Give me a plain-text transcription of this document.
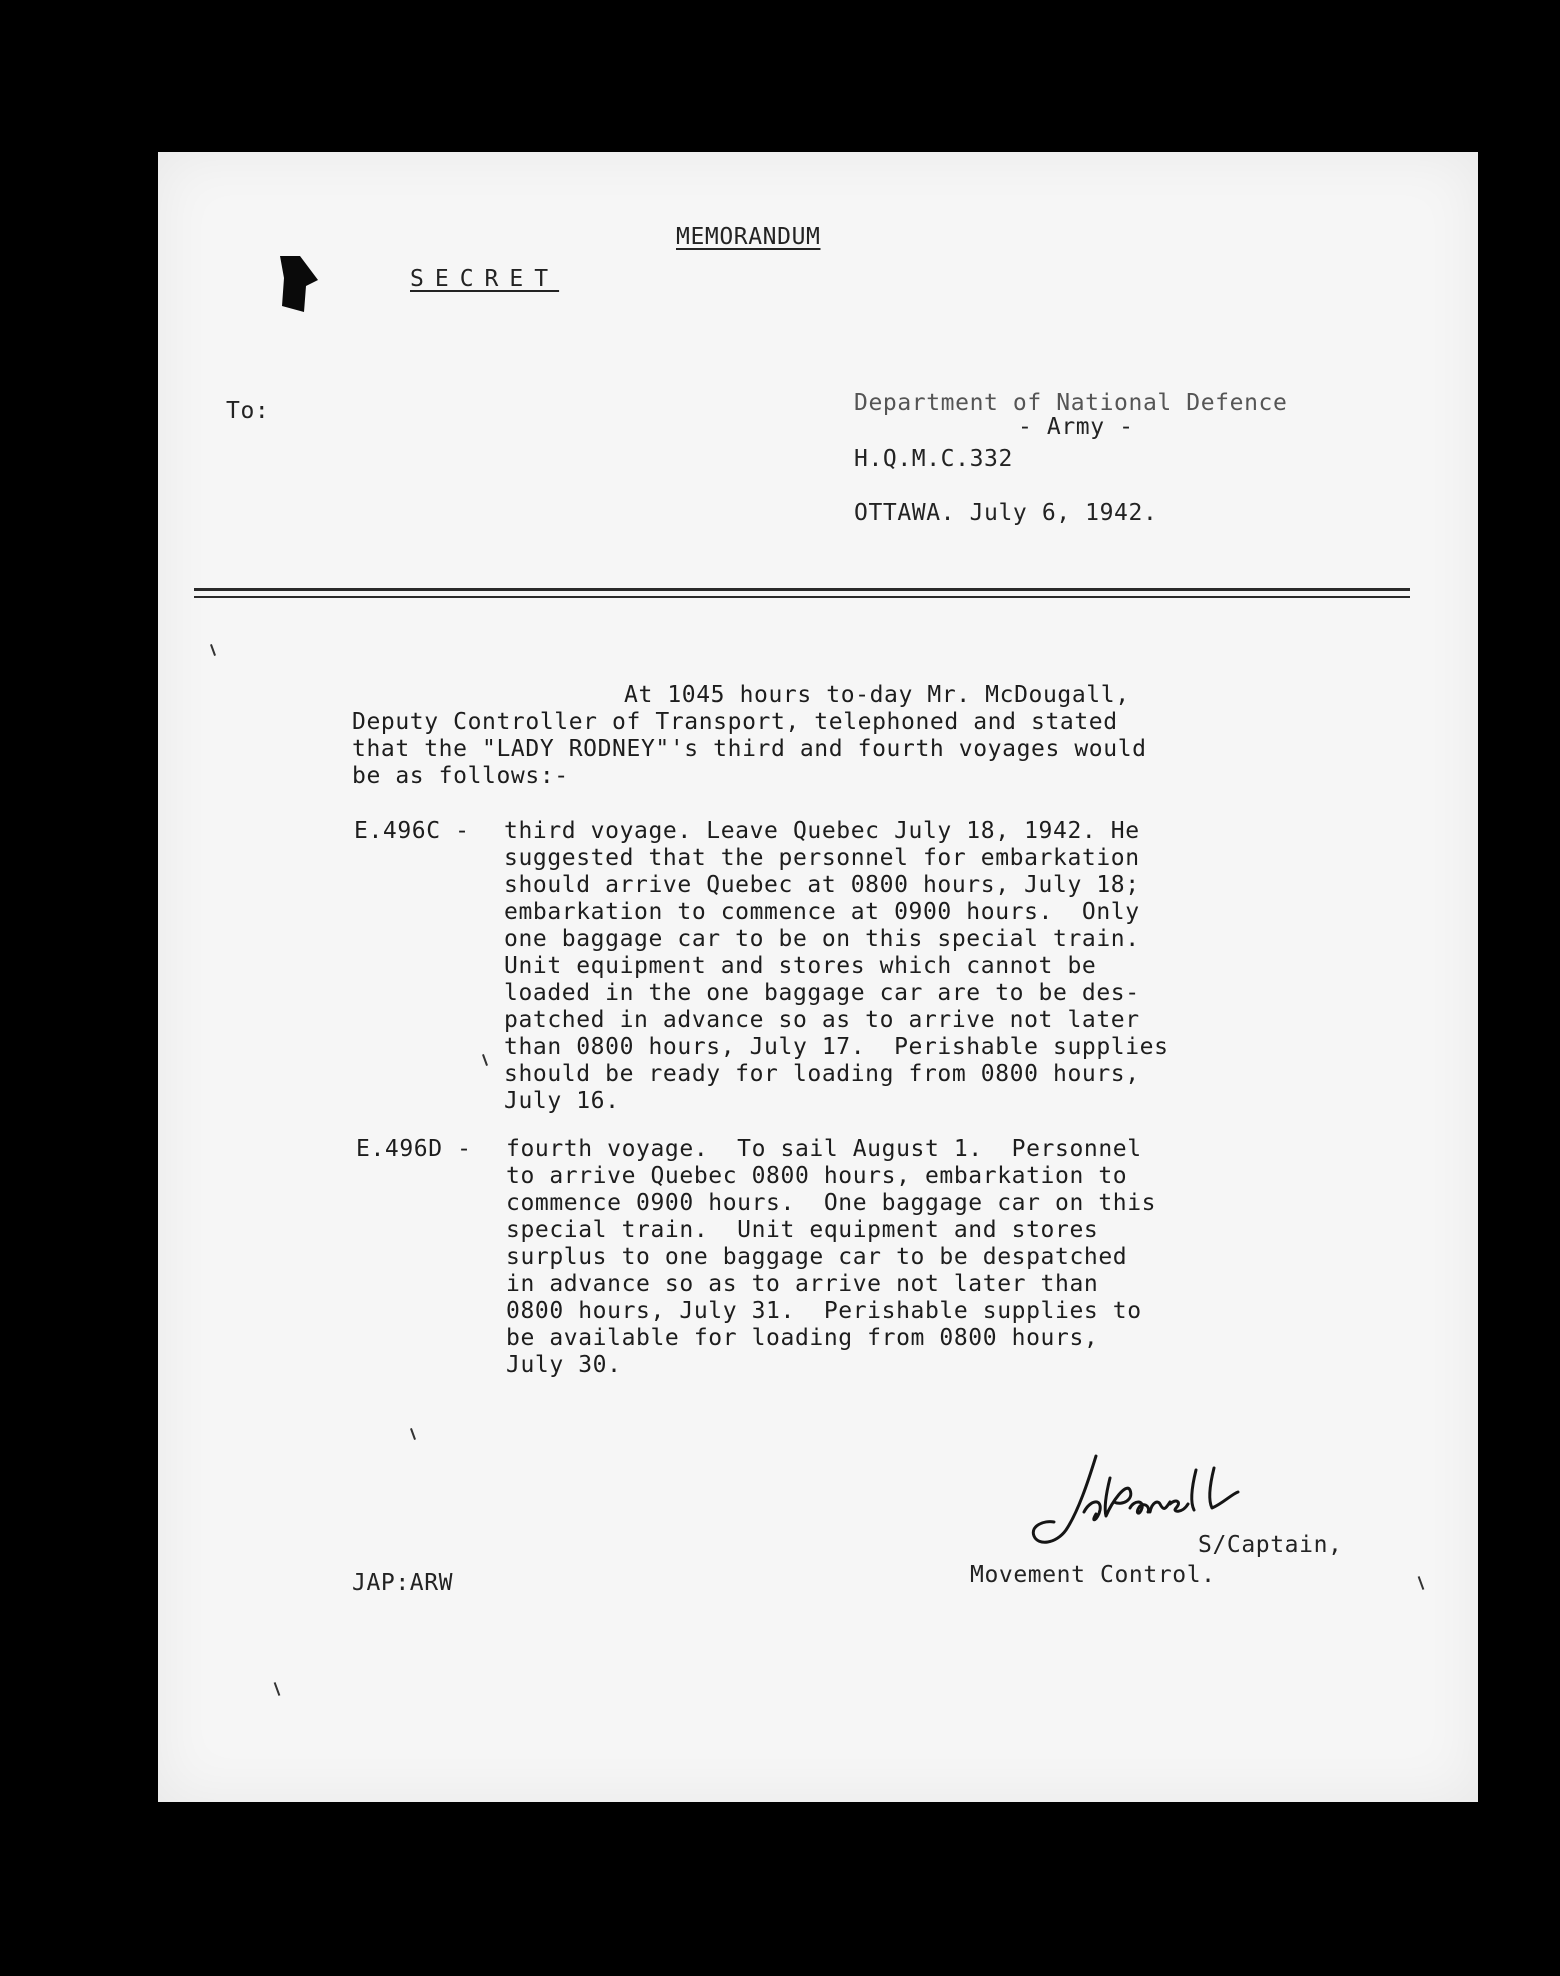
MEMORANDUM
SECRET
To:	Department of National Defence
- Army -
H.Q.M.C.332
OTTAWA. July 6, 1942.
At 1045 hours to-day Mr. McDougall,
Deputy Controller of Transport, telephoned and stated
that the "LADY RODNEY"'s third and fourth voyages would
be as follows:-
E.496C - third voyage. Leave Quebec July 18, 1942. He
suggested that the personnel for embarkation
should arrive Quebec at 0800 hours, July 18;
embarkation to commence at 0900 hours.  Only
one baggage car to be on this special train.
Unit equipment and stores which cannot be
loaded in the one baggage car are to be des-
patched in advance so as to arrive not later
than 0800 hours, July 17.  Perishable supplies
should be ready for loading from 0800 hours,
July 16.
E.496D - fourth voyage.  To sail August 1.  Personnel
to arrive Quebec 0800 hours, embarkation to
commence 0900 hours.  One baggage car on this
special train.  Unit equipment and stores
surplus to one baggage car to be despatched
in advance so as to arrive not later than
0800 hours, July 31.  Perishable supplies to
be available for loading from 0800 hours,
July 30.
S/Captain,
Movement Control.
JAP:ARW
